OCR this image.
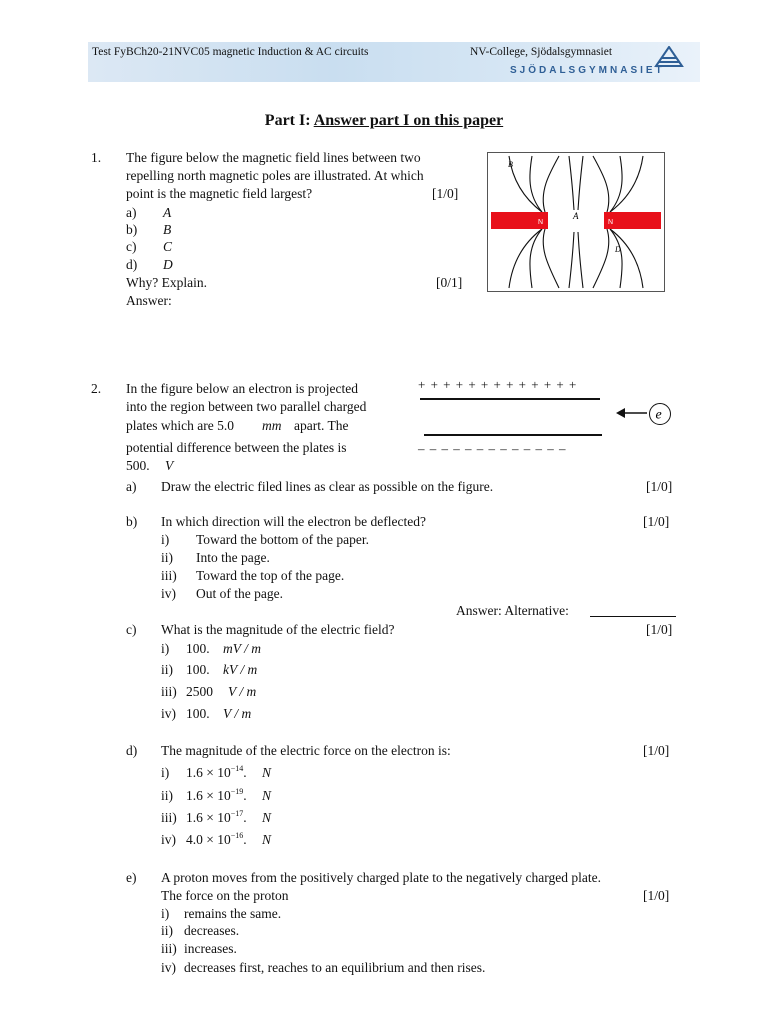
Test FyBCh20-21NVC05 magnetic Induction & AC circuits	NV-College, Sjödalsgymnasiet
SJÖDALSGYMNASIET
Part I: Answer part I on this paper
1. The figure below the magnetic field lines between two
repelling north magnetic poles are illustrated. At which
point is the magnetic field largest?	[1/0]
a) A
b) B
c) C
d) D
Why? Explain.	[0/1]
Answer:
N	N
A
B
D
2. In the figure below an electron is projected
into the region between two parallel charged
plates which are 5.0 mm apart. The
potential difference between the plates is
500. V
+ + + + + + + + + + + + +
– – – – – – – – – – – – –
e
a) Draw the electric filed lines as clear as possible on the figure.	[1/0]
b) In which direction will the electron be deflected?	[1/0]
i) Toward the bottom of the paper.
ii) Into the page.
iii) Toward the top of the page.
iv) Out of the page.
Answer: Alternative:
c) What is the magnitude of the electric field?	[1/0]
i) 100. mV / m
ii) 100. kV / m
iii) 2500 V / m
iv) 100. V / m
d) The magnitude of the electric force on the electron is:	[1/0]
i) $1.6 \times 10^{-14}$. N
ii) $1.6 \times 10^{-19}$. N
iii) $1.6 \times 10^{-17}$. N
iv) $4.0 \times 10^{-16}$. N
e) A proton moves from the positively charged plate to the negatively charged plate.
The force on the proton	[1/0]
i) remains the same.
ii) decreases.
iii) increases.
iv) decreases first, reaches to an equilibrium and then rises.
